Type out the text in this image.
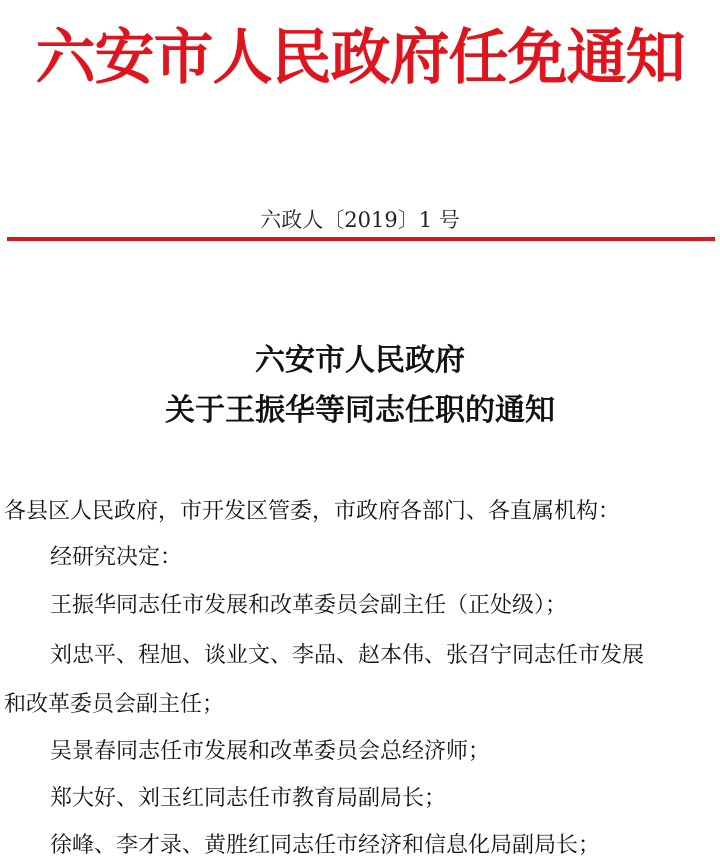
六安市人民政府任免通知
六政人〔2019〕1 号
六安市人民政府
关于王振华等同志任职的通知
各县区人民政府，市开发区管委，市政府各部门、各直属机构：
经研究决定：
王振华同志任市发展和改革委员会副主任（正处级）；
刘忠平、程旭、谈业文、李品、赵本伟、张召宁同志任市发展
和改革委员会副主任；
吴景春同志任市发展和改革委员会总经济师；
郑大好、刘玉红同志任市教育局副局长；
徐峰、李才录、黄胜红同志任市经济和信息化局副局长；
